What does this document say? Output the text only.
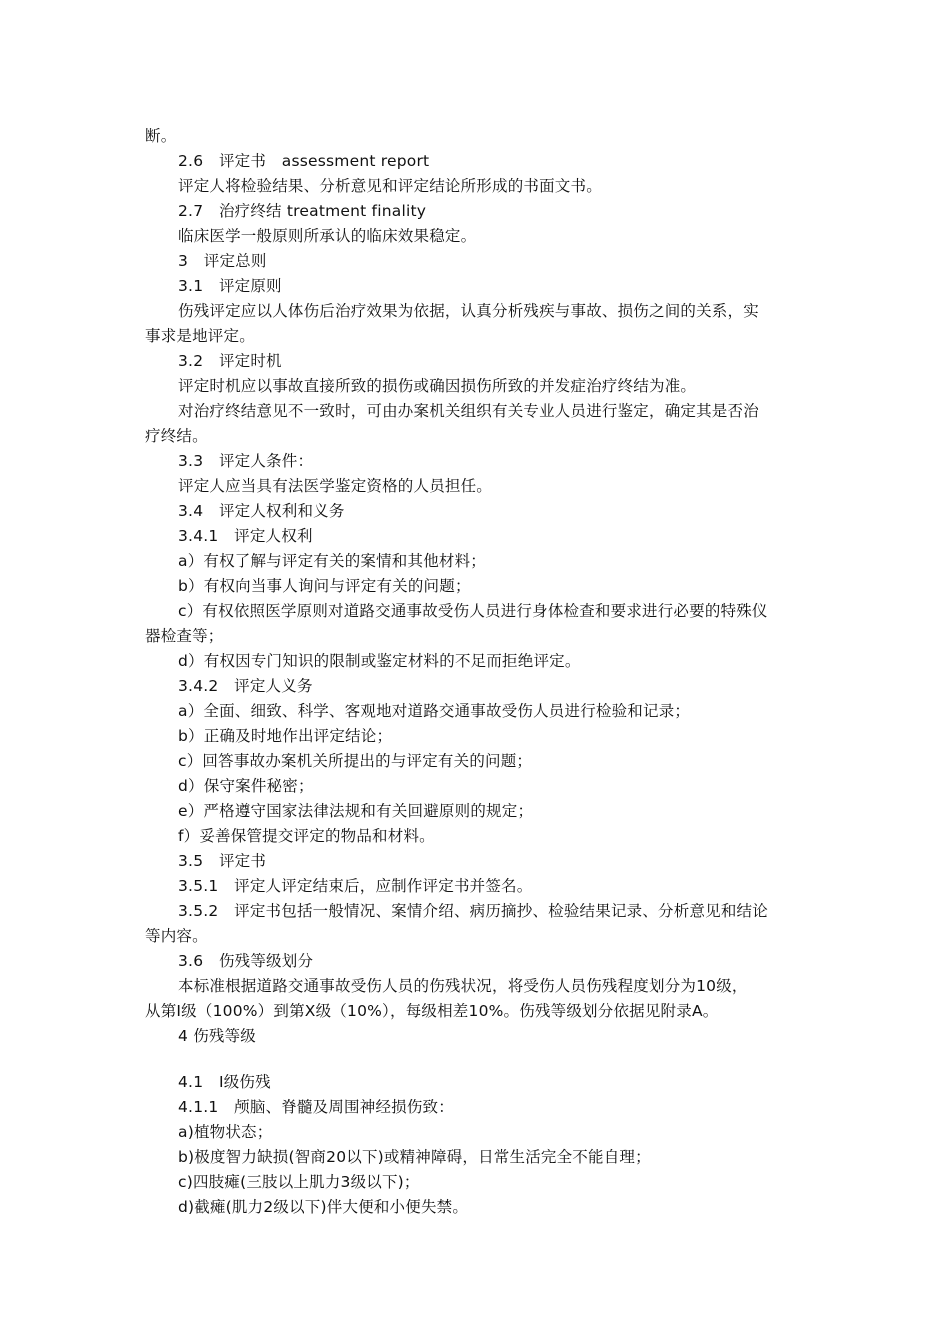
断。
2.6　评定书　assessment report
评定人将检验结果、分析意见和评定结论所形成的书面文书。
2.7　治疗终结 treatment finality
临床医学一般原则所承认的临床效果稳定。
3　评定总则
3.1　评定原则
伤残评定应以人体伤后治疗效果为依据，认真分析残疾与事故、损伤之间的关系，实
事求是地评定。
3.2　评定时机
评定时机应以事故直接所致的损伤或确因损伤所致的并发症治疗终结为准。
对治疗终结意见不一致时，可由办案机关组织有关专业人员进行鉴定，确定其是否治
疗终结。
3.3　评定人条件：
评定人应当具有法医学鉴定资格的人员担任。
3.4　评定人权利和义务
3.4.1　评定人权利
a）有权了解与评定有关的案情和其他材料；
b）有权向当事人询问与评定有关的问题；
c）有权依照医学原则对道路交通事故受伤人员进行身体检查和要求进行必要的特殊仪
器检查等；
d）有权因专门知识的限制或鉴定材料的不足而拒绝评定。
3.4.2　评定人义务
a）全面、细致、科学、客观地对道路交通事故受伤人员进行检验和记录；
b）正确及时地作出评定结论；
c）回答事故办案机关所提出的与评定有关的问题；
d）保守案件秘密；
e）严格遵守国家法律法规和有关回避原则的规定；
f）妥善保管提交评定的物品和材料。
3.5　评定书
3.5.1　评定人评定结束后，应制作评定书并签名。
3.5.2　评定书包括一般情况、案情介绍、病历摘抄、检验结果记录、分析意见和结论
等内容。
3.6　伤残等级划分
本标准根据道路交通事故受伤人员的伤残状况，将受伤人员伤残程度划分为10级，
从第Ⅰ级（100%）到第Ⅹ级（10%），每级相差10%。伤残等级划分依据见附录A。
4 伤残等级
4.1　Ⅰ级伤残
4.1.1　颅脑、脊髓及周围神经损伤致：
a)植物状态；
b)极度智力缺损(智商20以下)或精神障碍，日常生活完全不能自理；
c)四肢瘫(三肢以上肌力3级以下)；
d)截瘫(肌力2级以下)伴大便和小便失禁。
